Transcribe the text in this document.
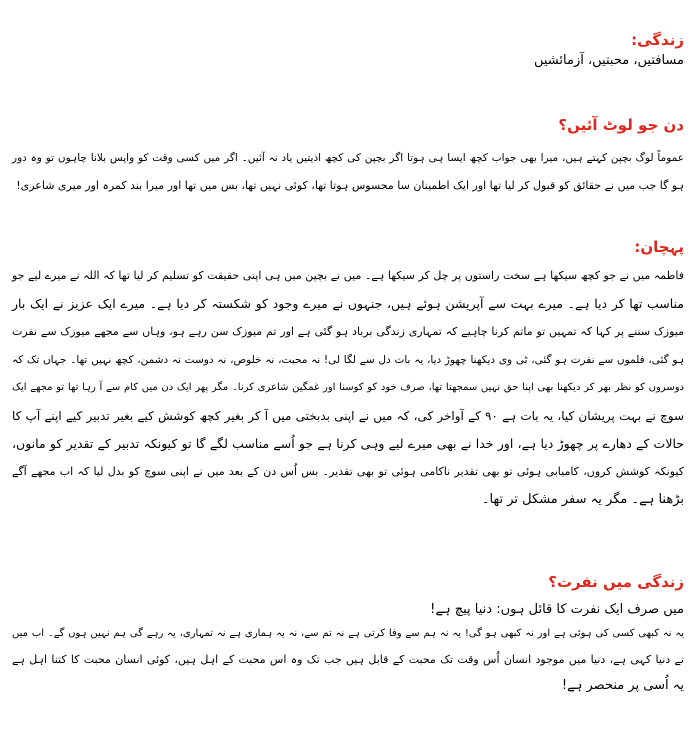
زندگی:
مسافتیں، محبتیں، آزمائشیں
دن جو لوٹ آئیں؟
عموماً لوگ بچپن کہتے ہیں، میرا بھی جواب کچھ ایسا ہی ہوتا اگر بچپن کی کچھ اذیتیں یاد نہ آئیں۔ اگر میں کسی وقت کو واپس بلانا چاہوں تو وہ دور
ہو گا جب میں نے حقائق کو قبول کر لیا تھا اور ایک اطمینان سا محسوس ہوتا تھا، کوئی نہیں تھا، بس میں تھا اور میرا بند کمرہ اور میری شاعری!
پہچان:
فاطمہ میں نے جو کچھ سیکھا ہے سخت راستوں پر چل کر سیکھا ہے۔ میں نے بچپن میں ہی اپنی حقیقت کو تسلیم کر لیا تھا کہ اللہ نے میرے لیے جو
مناسب تھا کر دیا ہے۔ میرے بہت سے آپریشن ہوئے ہیں، جنہوں نے میرے وجود کو شکستہ کر دیا ہے۔ میرے ایک عزیز نے ایک بار
میوزک سننے پر کہا کہ تمہیں تو ماتم کرنا چاہیے کہ تمہاری زندگی برباد ہو گئی ہے اور تم میوزک سن رہے ہو، وہاں سے مجھے میوزک سے نفرت
ہو گئی، فلموں سے نفرت ہو گئی، ٹی وی دیکھنا چھوڑ دیا، یہ بات دل سے لگا لی! نہ محبت، نہ خلوص، نہ دوست نہ دشمن، کچھ نہیں تھا۔ جہاں تک کہ
دوسروں کو نظر بھر کر دیکھنا بھی اپنا حق نہیں سمجھتا تھا، صرف خود کو کوسنا اور غمگین شاعری کرنا۔ مگر پھر ایک دن میں کام سے آ رہا تھا تو مجھے ایک
سوچ نے بہت پریشان کیا، یہ بات ہے ۹۰ کے آواخر کی، کہ میں نے اپنی بدبختی میں آ کر بغیر کچھ کوشش کیے بغیر تدبیر کیے اپنے آپ کا
حالات کے دھارے پر چھوڑ دیا ہے، اور خدا نے بھی میرے لیے وہی کرنا ہے جو اُسے مناسب لگے گا تو کیونکہ تدبیر کے تقدیر کو مانوں،
کیونکہ کوشش کروں، کامیابی ہوئی تو بھی تقدیر ناکامی ہوئی تو بھی تقدیر۔ بس اُس دن کے بعد میں نے اپنی سوچ کو بدل لیا کہ اب مجھے آگے
بڑھنا ہے۔ مگر یہ سفر مشکل تر تھا۔
زندگی میں نفرت؟
میں صرف ایک نفرت کا قائل ہوں: دنیا پیچ ہے!
یہ نہ کبھی کسی کی ہوئی ہے اور نہ کبھی ہو گی! یہ نہ ہم سے وفا کرتی ہے نہ تم سے، نہ یہ ہماری ہے نہ تمہاری، یہ رہے گی ہم نہیں ہوں گے۔ اب میں
نے دنیا کہی ہے، دنیا میں موجود انسان اُس وقت تک محبت کے قابل ہیں جب تک وہ اس محبت کے اہل ہیں، کوئی انسان محبت کا کتنا اہل ہے
یہ اُسی پر منحصر ہے!
